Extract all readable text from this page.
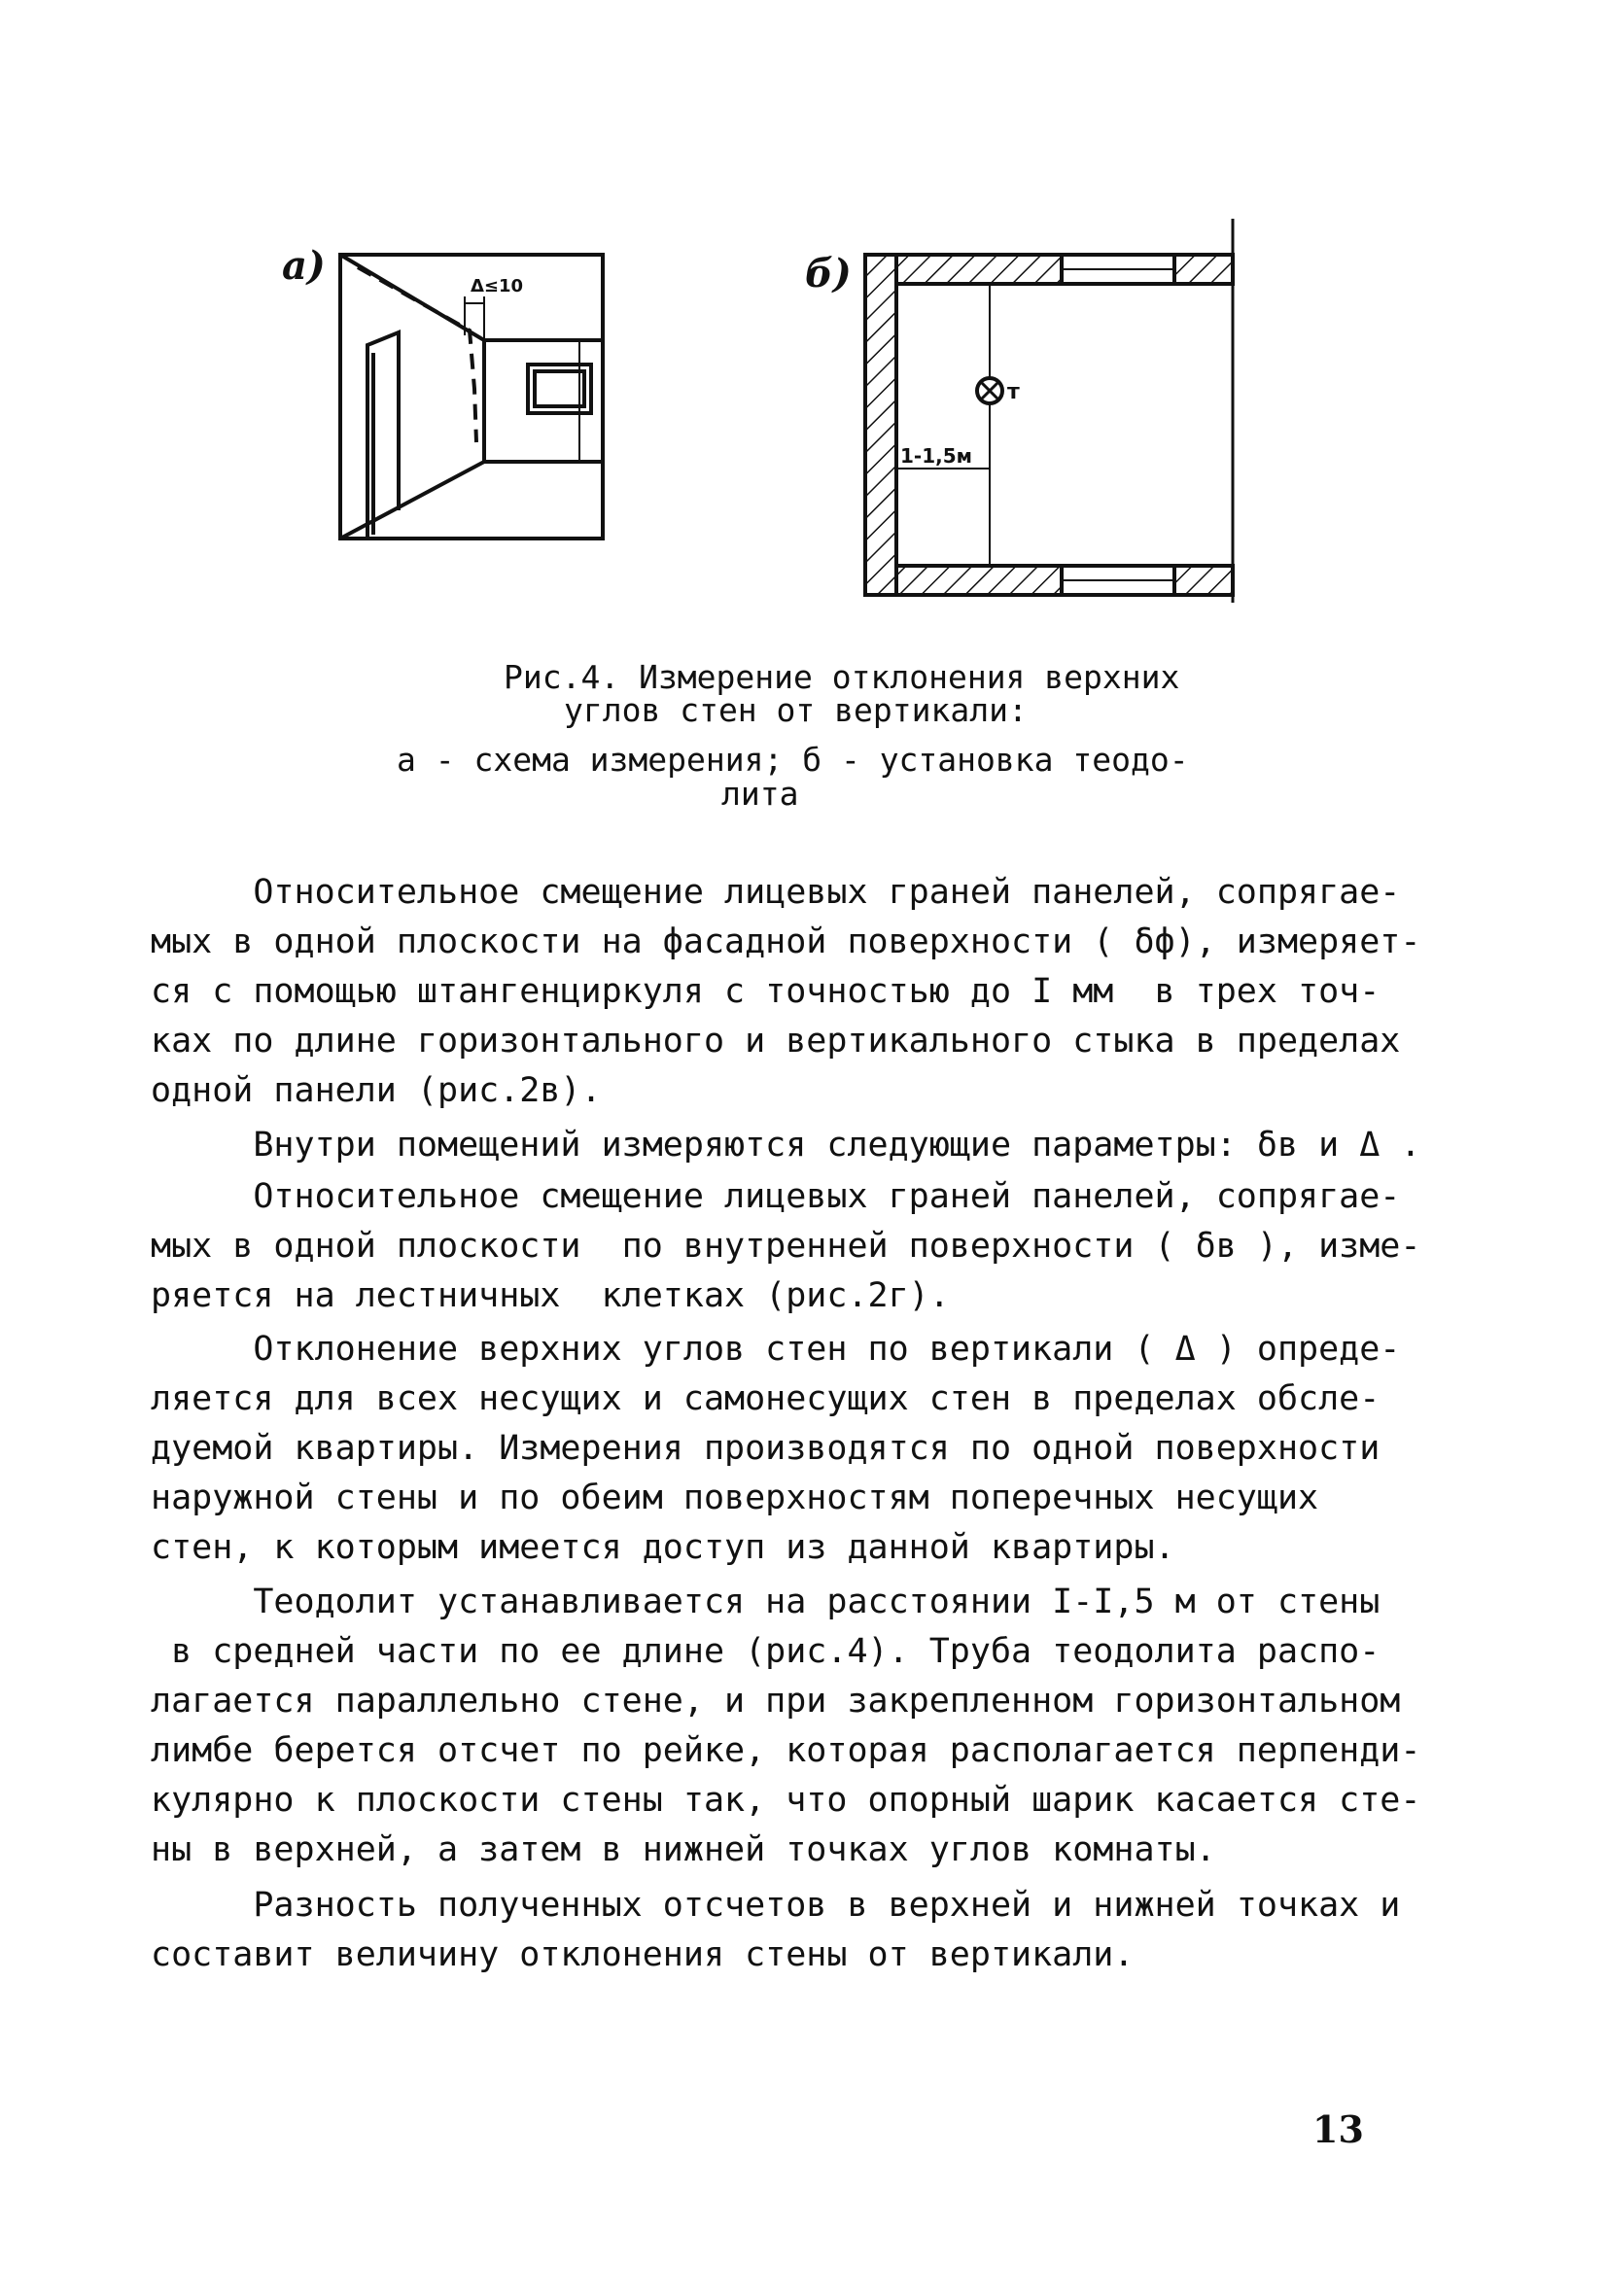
а)	Δ≤10	б)
т
1-1,5м
Рис.4. Измерение отклонения верхних
углов стен от вертикали:
а - схема измерения; б - установка теодо-
лита

Относительное смещение лицевых граней панелей, сопрягае-
мых в одной плоскости на фасадной поверхности ( δф), измеряет-
ся с помощью штангенциркуля с точностью до I мм  в трех точ-
ках по длине горизонтального и вертикального стыка в пределах
одной панели (рис.2в).

Внутри помещений измеряются следующие параметры: δв и Δ .

Относительное смещение лицевых граней панелей, сопрягае-
мых в одной плоскости  по внутренней поверхности ( δв ), изме-
ряется на лестничных  клетках (рис.2г).

Отклонение верхних углов стен по вертикали ( Δ ) опреде-
ляется для всех несущих и самонесущих стен в пределах обсле-
дуемой квартиры. Измерения производятся по одной поверхности
наружной стены и по обеим поверхностям поперечных несущих
стен, к которым имеется доступ из данной квартиры.

Теодолит устанавливается на расстоянии I-I,5 м от стены
в средней части по ее длине (рис.4). Труба теодолита распо-
лагается параллельно стене, и при закрепленном горизонтальном
лимбе берется отсчет по рейке, которая располагается перпенди-
кулярно к плоскости стены так, что опорный шарик касается сте-
ны в верхней, а затем в нижней точках углов комнаты.

Разность полученных отсчетов в верхней и нижней точках и
составит величину отклонения стены от вертикали.

13
